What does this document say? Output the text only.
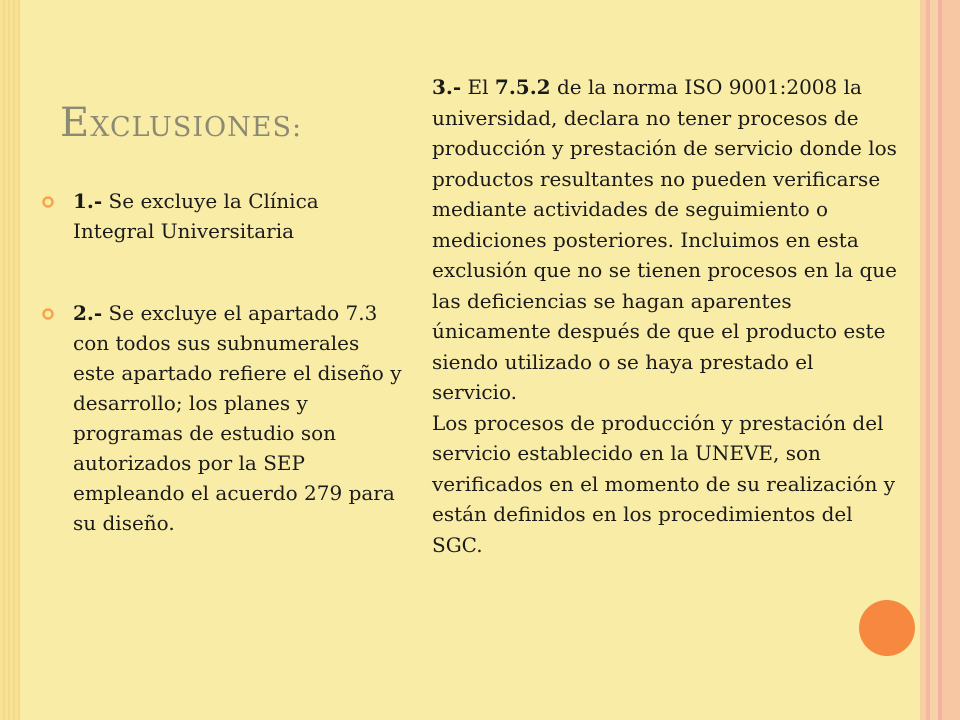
EXCLUSIONES:
1.- Se excluye la Clínica Integral Universitaria
2.- Se excluye el apartado 7.3 con todos sus subnumerales este apartado refiere el diseño y desarrollo; los planes y programas de estudio son autorizados por la SEP empleando el acuerdo 279 para su diseño.

3.- El 7.5.2 de la norma ISO 9001:2008 la universidad, declara no tener procesos de producción y prestación de servicio donde los productos resultantes no pueden verificarse mediante actividades de seguimiento o mediciones posteriores. Incluimos en esta exclusión que no se tienen procesos en la que las deficiencias se hagan aparentes únicamente después de que el producto este siendo utilizado o se haya prestado el servicio.

Los procesos de producción y prestación del servicio establecido en la UNEVE, son verificados en el momento de su realización y están definidos en los procedimientos del SGC.
